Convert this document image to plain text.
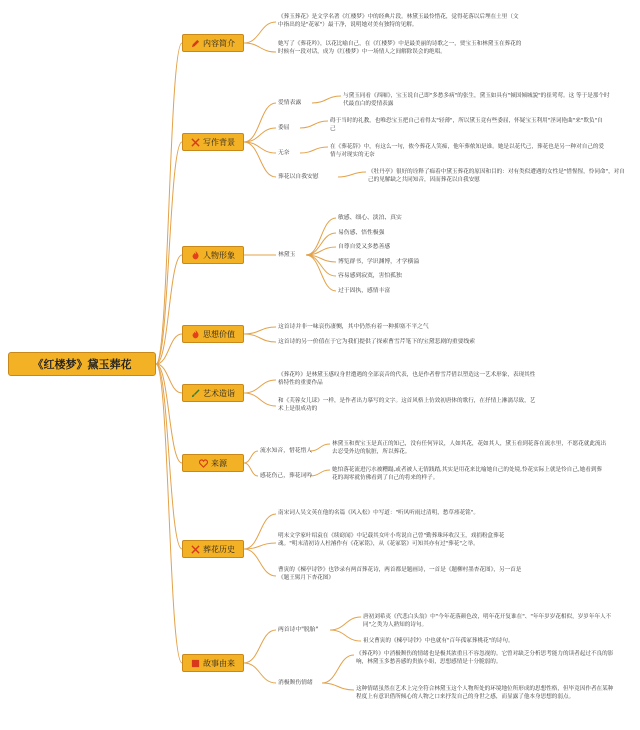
《红楼梦》黛玉葬花
内容简介
写作背景
人物形象
思想价值
艺术造诣
来源
葬花历史
故事由来

《葬玉葬花》是文学名著《红楼梦》中的经典片段。林黛玉最怜惜花，觉得花落以后埋在土里（文中指出的是"花冢"）最干净，说明她对美有独特的见解。

她写了《葬花吟》，以花比喻自己，在《红楼梦》中是最美丽的诗歌之一，贾宝玉和林黛玉在葬花的时候有一段对话，成为《红楼梦》中一场情人之间解除误会的绝唱。

爱情表露

与黛玉同看《西厢》，宝玉说自己即"多愁多病"的张生，黛玉如具有"倾国倾城貌"的崔莺莺。这 等于是那个时代最直白的爱情表露

委屈

碍于当时的礼教，也唯恐宝玉把自己看得太"轻薄"，所以黛玉竟有些委屈，怀疑宝玉利用"淫词艳曲"来"欺负"自己

无奈

在《葬花辞》中，有这么一句，侬今葬花人笑痴，他年葬侬知是谁。她是以花代己，葬花也是另一种对自己的爱情与对现实的无奈

葬花以自我安慰

《牡丹亭》很好的诠释了痴着中黛玉葬花的原因和目的：对有类似遭遇的女性是"惜惺惺，怜同命"，对自己的见解缺之共同知音，因而葬花以自我安慰

林黛玉
敏感、细心、淡泊、真实
易伤感、悟性极强
自尊自爱又多愁善感
博览群书，学识渊博，才学横溢
容易感到寂寞，害怕孤独
过于固执，感情丰富
这首诗并非一味哀伤凄恻，其中仍然有着一种抑塞不平之气
这首诗的另一价值在于它为我们提供了探索曹雪芹笔下的宝黛悲剧的重要线索

《葬花吟》是林黛玉感叹身世遭遇的全部哀音的代表，也是作者曹雪芹借以塑造这一艺术形象，表现其性格特性的重要作品

和《芙蓉女儿诔》一样，是作者出力摹写的文字。这首风格上仿效初唐体的歌行，在抒情上淋漓尽致，艺术上是很成功的

流水知音，惜花惜人

林黛玉和贾宝玉是真正的知己，没有任何异议，人如其花，花如其人，黛玉看到花落在流水里，不愿花就此流出去忍受外边的肮脏，所以葬花。

感花伤己，葬花词吟

她怕落花流进污水被糟蹋,或者被人无情践踏,其实是用花来比喻她自己的处境,怜花实际上就是怜自己,她看到葬花的凋零就仿佛看到了自己的将来的样子。

南宋词人吴文英在他的名篇《风入松》中写道："听风听雨过清明，愁草瘗花铭"。

明末文学家叶绍袁在《续窈闻》中记载其女叶小鸾说自己曾"勤葬珠环收汉玉，戏捐粉盒葬花魂。"明末清初诗人杜濬作有《花冢铭》，从《花冢铭》可知其亦有过"葬花"之举。

曹寅的《楝亭诗钞》也钞录有两首葬花诗，两首都是题画诗，一首是《题柳村墨杏花图》，另一首是《题王髯月下杏花图》

两首诗中"脱胎"

唐初刘希夷《代悲白头翁》中"今年花落颜色改，明年花开复谁在"、"年年岁岁花相似，岁岁年年人不同"之类为人熟知的诗句。

祖父曹寅的《楝亭诗钞》中也就有"百年孤冢葬桃花"的诗句。

消极颓伤情绪

《葬花吟》中消极颓伤的情绪也是极其浓重且不容忽视的。它曾对缺乏分析思考能力的读者起过不良的影响，林黛玉多愁善感的贵族小姐，思想感情是十分脆弱的。

这种情绪虽然在艺术上完全符合林黛玉这个人物所处的环境地位所形成的思想性格，但毕竟因作者在某种程度上有意识借所倾心的人物之口来抒发自己的身世之感，而显露了他本身思想的弱点。
